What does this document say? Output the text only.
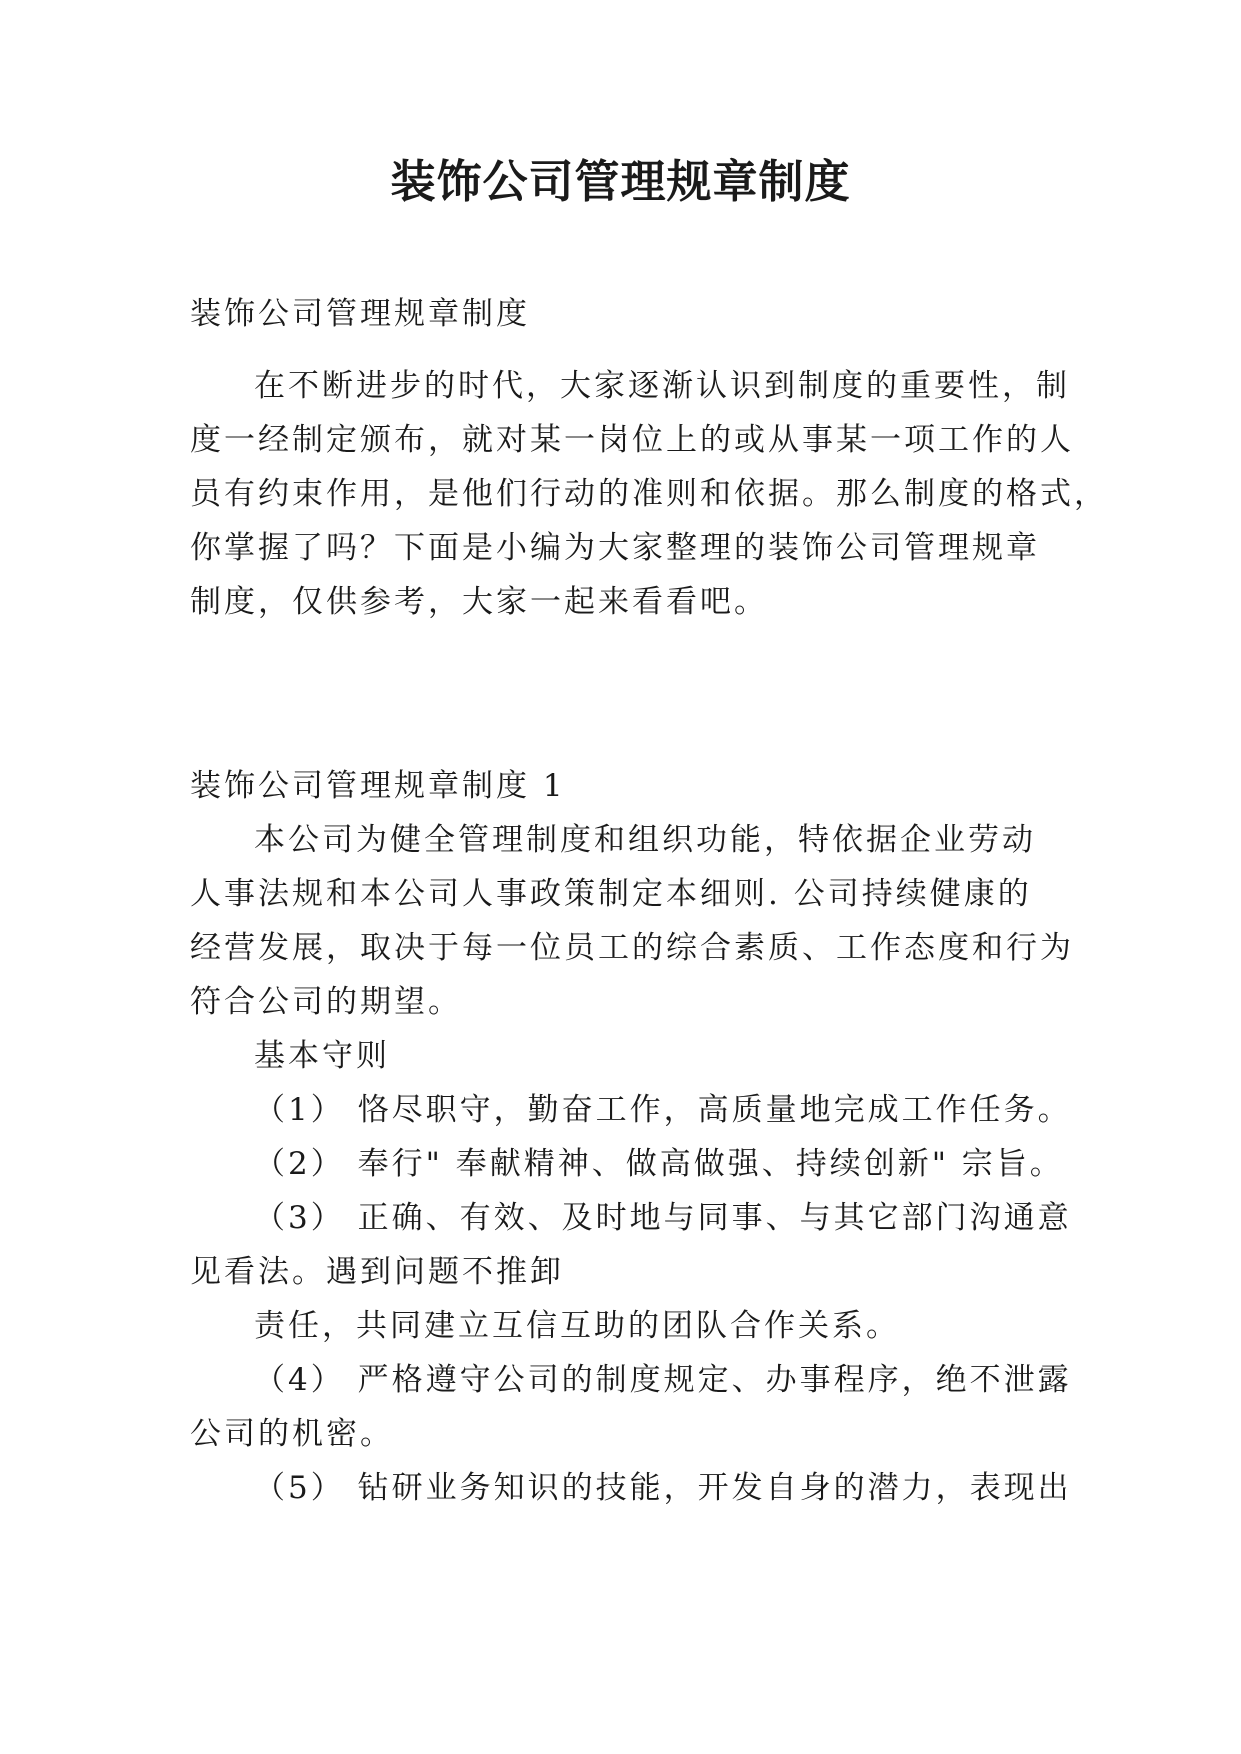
装饰公司管理规章制度

装饰公司管理规章制度

在不断进步的时代，大家逐渐认识到制度的重要性，制

度一经制定颁布，就对某一岗位上的或从事某一项工作的人

员有约束作用，是他们行动的准则和依据。那么制度的格式，

你掌握了吗？下面是小编为大家整理的装饰公司管理规章

制度，仅供参考，大家一起来看看吧。

装饰公司管理规章制度 1

本公司为健全管理制度和组织功能，特依据企业劳动

人事法规和本公司人事政策制定本细则. 公司持续健康的

经营发展，取决于每一位员工的综合素质、工作态度和行为

符合公司的期望。

基本守则

（1） 恪尽职守，勤奋工作，高质量地完成工作任务。

（2） 奉行" 奉献精神、做高做强、持续创新" 宗旨。

（3） 正确、有效、及时地与同事、与其它部门沟通意

见看法。遇到问题不推卸

责任，共同建立互信互助的团队合作关系。

（4） 严格遵守公司的制度规定、办事程序，绝不泄露

公司的机密。

（5） 钻研业务知识的技能，开发自身的潜力，表现出
